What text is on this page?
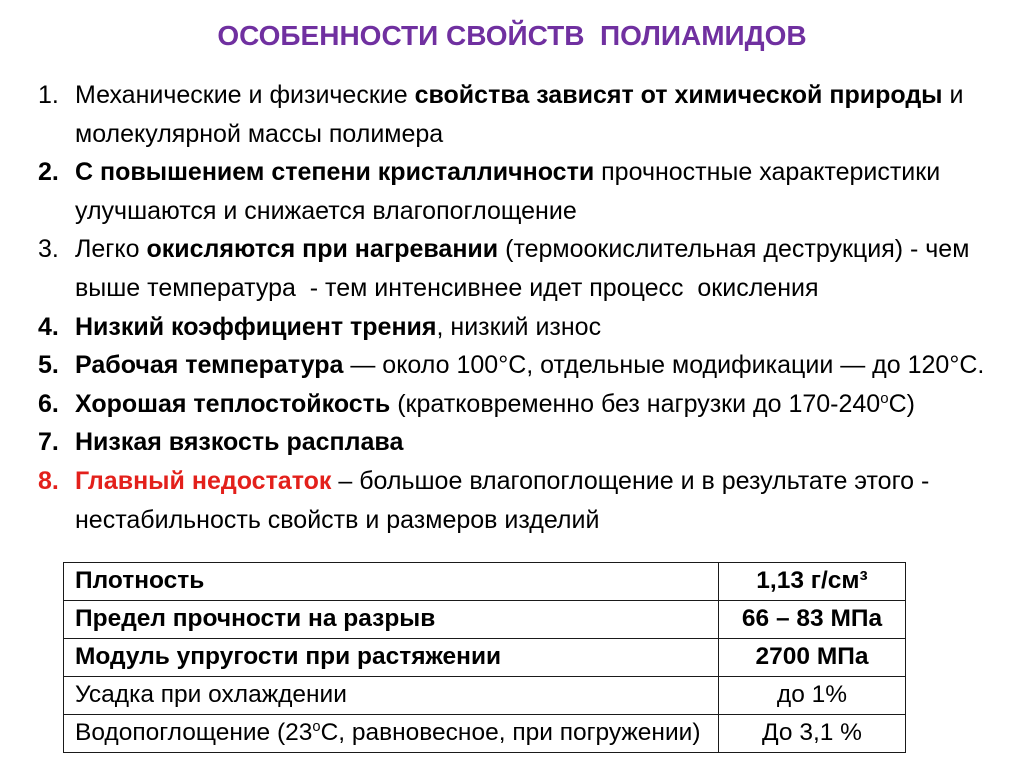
ОСОБЕННОСТИ СВОЙСТВ  ПОЛИАМИДОВ
1. Механические и физические свойства зависят от химической природы и
молекулярной массы полимера
2. С повышением степени кристалличности прочностные характеристики
улучшаются и снижается влагопоглощение
3. Легко окисляются при нагревании (термоокислительная деструкция) - чем
выше температура  - тем интенсивнее идет процесс  окисления
4. Низкий коэффициент трения, низкий износ
5. Рабочая температура — около 100°С, отдельные модификации — до 120°С.
6. Хорошая теплостойкость (кратковременно без нагрузки до $170-240^оС$)
7. Низкая вязкость расплава
8. Главный недостаток – большое влагопоглощение и в результате этого -
нестабильность свойств и размеров изделий
Плотность	1,13 г/см³
Предел прочности на разрыв	66 – 83 МПа
Модуль упругости при растяжении	2700 МПа
Усадка при охлаждении	до 1%
Водопоглощение ($23^оС$, равновесное, при погружении)	До 3,1 %
